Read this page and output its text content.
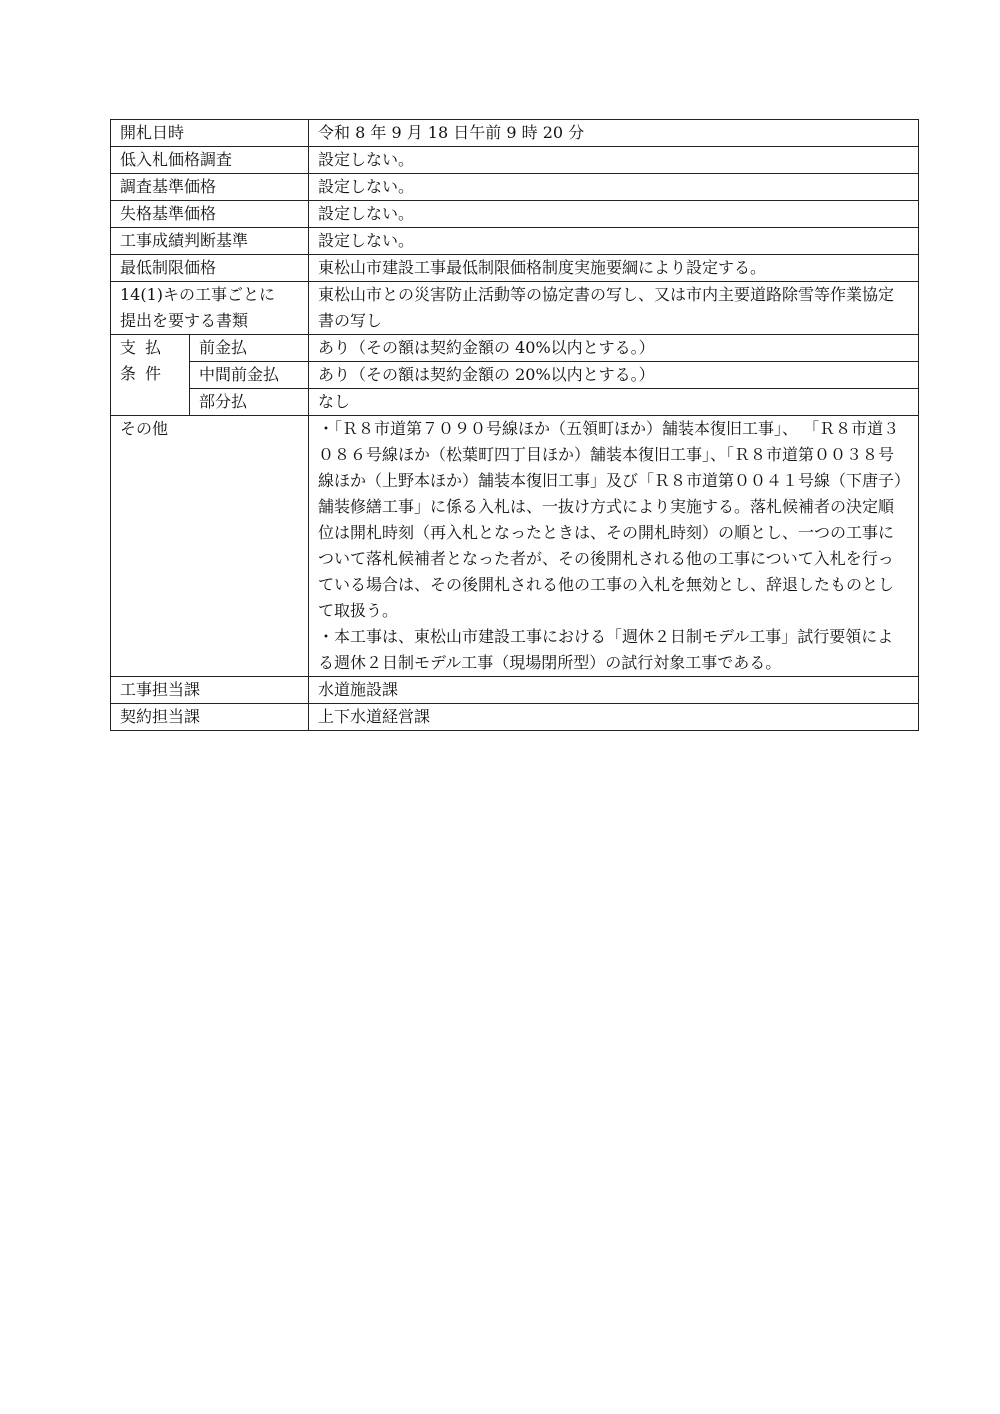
開札日時		令和 8 年 9 月 18 日午前 9 時 20 分
低入札価格調査		設定しない。
調査基準価格		設定しない。
失格基準価格		設定しない。
工事成績判断基準		設定しない。
最低制限価格		東松山市建設工事最低制限価格制度実施要綱により設定する。

14(1)キの工事ごとに
提出を要する書類		東松山市との災害防止活動等の協定書の写し、又は市内主要道路除雪等作業協定書の写し

支払条件	前金払	あり（その額は契約金額の 40%以内とする。）
	中間前金払	あり（その額は契約金額の 20%以内とする。）
	部分払	なし
その他		・「Ｒ８市道第７０９０号線ほか（五領町ほか）舗装本復旧工事」、 「Ｒ８市道３０８６号線ほか（松葉町四丁目ほか）舗装本復旧工事」、「Ｒ８市道第００３８号線ほか（上野本ほか）舗装本復旧工事」及び「Ｒ８市道第００４１号線（下唐子）舗装修繕工事」に係る入札は、一抜け方式により実施する。落札候補者の決定順位は開札時刻（再入札となったときは、その開札時刻）の順とし、一つの工事について落札候補者となった者が、その後開札される他の工事について入札を行っている場合は、その後開札される他の工事の入札を無効とし、辞退したものとして取扱う。
・本工事は、東松山市建設工事における「週休２日制モデル工事」試行要領による週休２日制モデル工事（現場閉所型）の試行対象工事である。

工事担当課		水道施設課
契約担当課		上下水道経営課
